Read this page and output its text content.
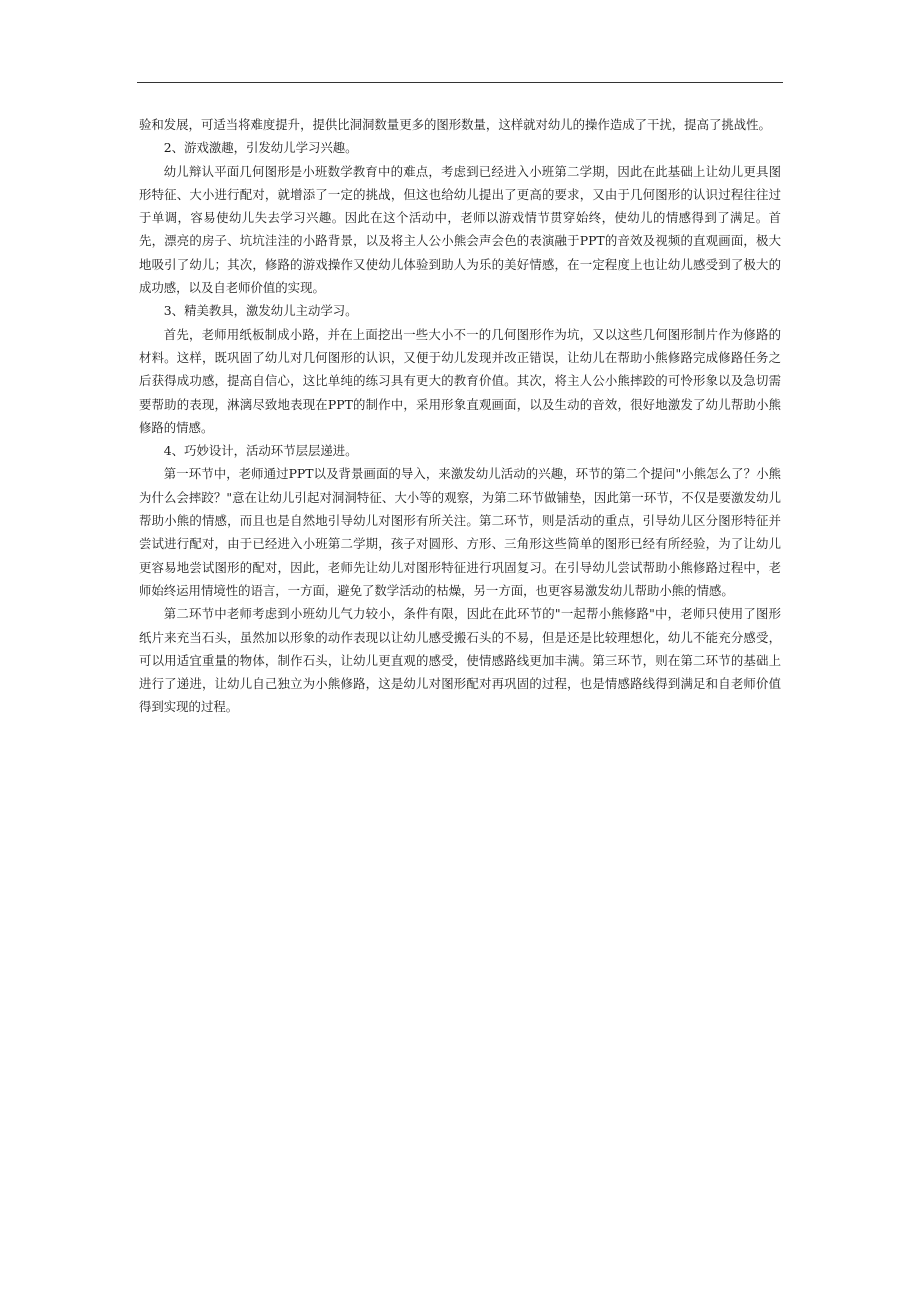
验和发展，可适当将难度提升，提供比洞洞数量更多的图形数量，这样就对幼儿的操作造成了干扰，提高了挑战性。

2、游戏激趣，引发幼儿学习兴趣。

幼儿辩认平面几何图形是小班数学教育中的难点，考虑到已经进入小班第二学期，因此在此基础上让幼儿更具图形特征、大小进行配对，就增添了一定的挑战，但这也给幼儿提出了更高的要求，又由于几何图形的认识过程往往过于单调，容易使幼儿失去学习兴趣。因此在这个活动中，老师以游戏情节贯穿始终，使幼儿的情感得到了满足。首先，漂亮的房子、坑坑洼洼的小路背景，以及将主人公小熊会声会色的表演融于PPT的音效及视频的直观画面，极大地吸引了幼儿；其次，修路的游戏操作又使幼儿体验到助人为乐的美好情感，在一定程度上也让幼儿感受到了极大的成功感，以及自老师价值的实现。

3、精美教具，激发幼儿主动学习。

首先，老师用纸板制成小路，并在上面挖出一些大小不一的几何图形作为坑，又以这些几何图形制片作为修路的材料。这样，既巩固了幼儿对几何图形的认识，又便于幼儿发现并改正错误，让幼儿在帮助小熊修路完成修路任务之后获得成功感，提高自信心，这比单纯的练习具有更大的教育价值。其次，将主人公小熊摔跤的可怜形象以及急切需要帮助的表现，淋漓尽致地表现在PPT的制作中，采用形象直观画面，以及生动的音效，很好地激发了幼儿帮助小熊修路的情感。

4、巧妙设计，活动环节层层递进。

第一环节中，老师通过PPT以及背景画面的导入，来激发幼儿活动的兴趣，环节的第二个提问"小熊怎么了？小熊为什么会摔跤？"意在让幼儿引起对洞洞特征、大小等的观察，为第二环节做铺垫，因此第一环节，不仅是要激发幼儿帮助小熊的情感，而且也是自然地引导幼儿对图形有所关注。第二环节，则是活动的重点，引导幼儿区分图形特征并尝试进行配对，由于已经进入小班第二学期，孩子对圆形、方形、三角形这些简单的图形已经有所经验，为了让幼儿更容易地尝试图形的配对，因此，老师先让幼儿对图形特征进行巩固复习。在引导幼儿尝试帮助小熊修路过程中，老师始终运用情境性的语言，一方面，避免了数学活动的枯燥，另一方面，也更容易激发幼儿帮助小熊的情感。

第二环节中老师考虑到小班幼儿气力较小，条件有限，因此在此环节的"一起帮小熊修路"中，老师只使用了图形纸片来充当石头，虽然加以形象的动作表现以让幼儿感受搬石头的不易，但是还是比较理想化，幼儿不能充分感受，可以用适宜重量的物体，制作石头，让幼儿更直观的感受，使情感路线更加丰满。第三环节，则在第二环节的基础上进行了递进，让幼儿自己独立为小熊修路，这是幼儿对图形配对再巩固的过程，也是情感路线得到满足和自老师价值得到实现的过程。
